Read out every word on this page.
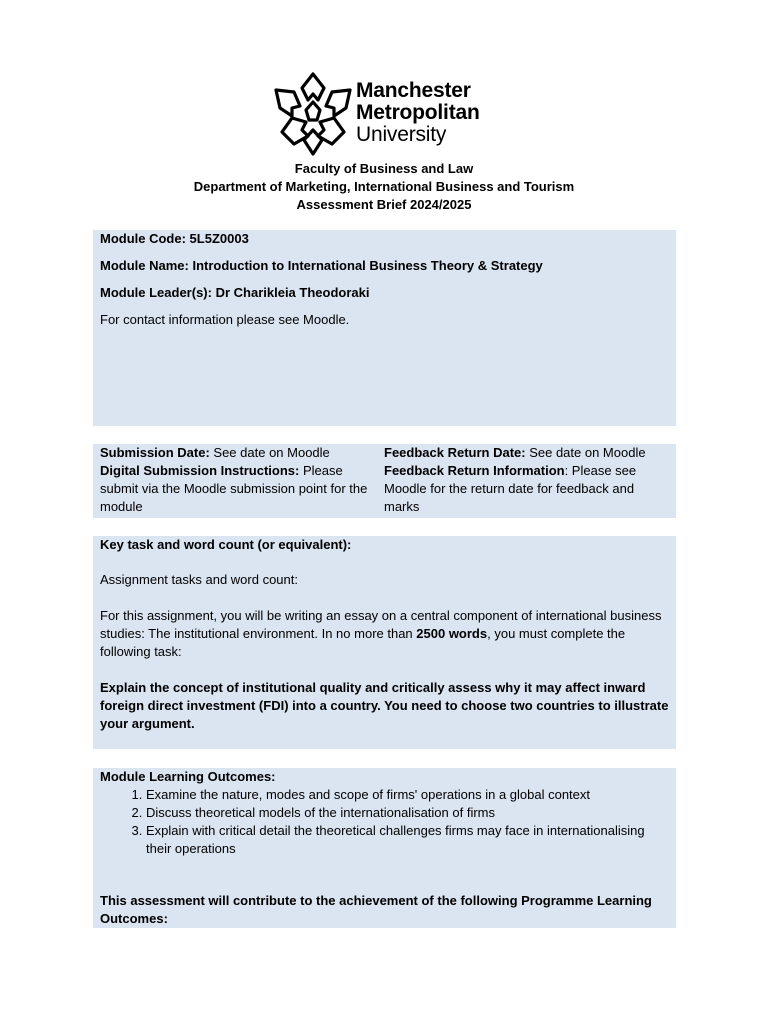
Manchester
Metropolitan
University
Faculty of Business and Law
Department of Marketing, International Business and Tourism
Assessment Brief 2024/2025

Module Code: 5L5Z0003

Module Name: Introduction to International Business Theory & Strategy

Module Leader(s): Dr Charikleia Theodoraki

For contact information please see Moodle.

Submission Date: See date on Moodle
Digital Submission Instructions: Please submit via the Moodle submission point for the module
Feedback Return Date: See date on Moodle
Feedback Return Information: Please see Moodle for the return date for feedback and marks

Key task and word count (or equivalent):

Assignment tasks and word count:

For this assignment, you will be writing an essay on a central component of international business studies: The institutional environment. In no more than 2500 words, you must complete the following task:

Explain the concept of institutional quality and critically assess why it may affect inward foreign direct investment (FDI) into a country. You need to choose two countries to illustrate your argument.

Module Learning Outcomes:
1. Examine the nature, modes and scope of firms' operations in a global context
2. Discuss theoretical models of the internationalisation of firms
3. Explain with critical detail the theoretical challenges firms may face in internationalising their operations
This assessment will contribute to the achievement of the following Programme Learning Outcomes:
